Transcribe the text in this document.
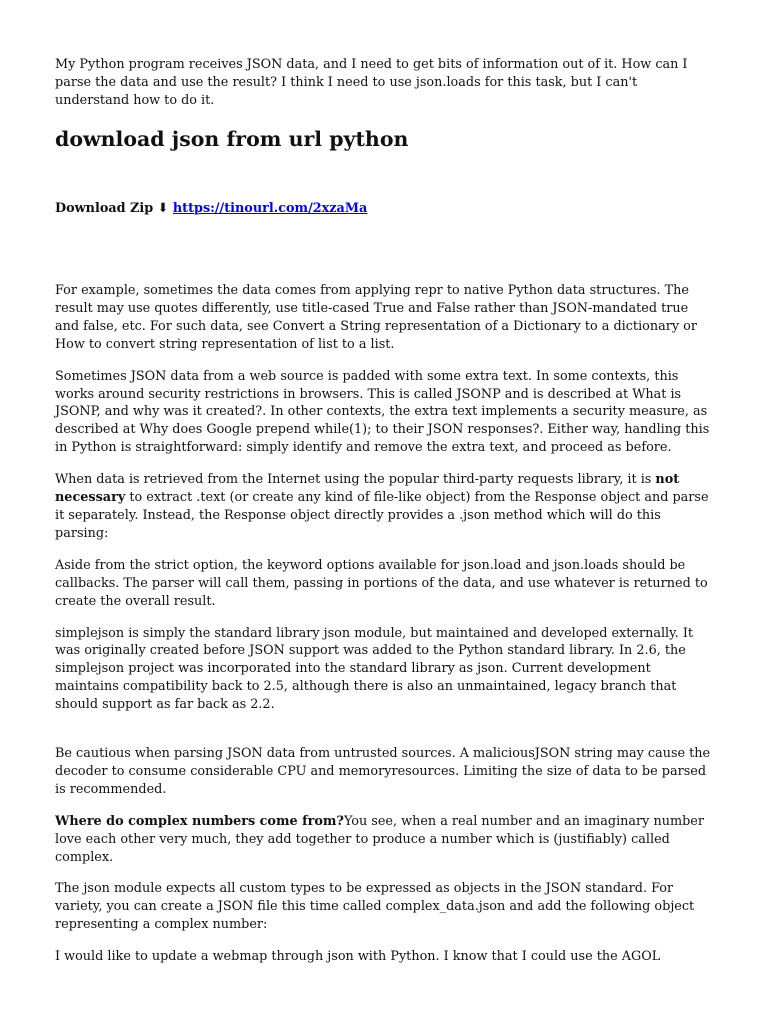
My Python program receives JSON data, and I need to get bits of information out of it. How can I parse the data and use the result? I think I need to use json.loads for this task, but I can't understand how to do it.

download json from url python
Download Zip ⬇ https://tinourl.com/2xzaMa

For example, sometimes the data comes from applying repr to native Python data structures. The result may use quotes differently, use title-cased True and False rather than JSON-mandated true and false, etc. For such data, see Convert a String representation of a Dictionary to a dictionary or How to convert string representation of list to a list.

Sometimes JSON data from a web source is padded with some extra text. In some contexts, this works around security restrictions in browsers. This is called JSONP and is described at What is JSONP, and why was it created?. In other contexts, the extra text implements a security measure, as described at Why does Google prepend while(1); to their JSON responses?. Either way, handling this in Python is straightforward: simply identify and remove the extra text, and proceed as before.

When data is retrieved from the Internet using the popular third-party requests library, it is not necessary to extract .text (or create any kind of file-like object) from the Response object and parse it separately. Instead, the Response object directly provides a .json method which will do this parsing:

Aside from the strict option, the keyword options available for json.load and json.loads should be callbacks. The parser will call them, passing in portions of the data, and use whatever is returned to create the overall result.

simplejson is simply the standard library json module, but maintained and developed externally. It was originally created before JSON support was added to the Python standard library. In 2.6, the simplejson project was incorporated into the standard library as json. Current development maintains compatibility back to 2.5, although there is also an unmaintained, legacy branch that should support as far back as 2.2.

Be cautious when parsing JSON data from untrusted sources. A maliciousJSON string may cause the decoder to consume considerable CPU and memoryresources. Limiting the size of data to be parsed is recommended.

Where do complex numbers come from?You see, when a real number and an imaginary number love each other very much, they add together to produce a number which is (justifiably) called complex.

The json module expects all custom types to be expressed as objects in the JSON standard. For variety, you can create a JSON file this time called complex_data.json and add the following object representing a complex number:

I would like to update a webmap through json with Python. I know that I could use the AGOL
